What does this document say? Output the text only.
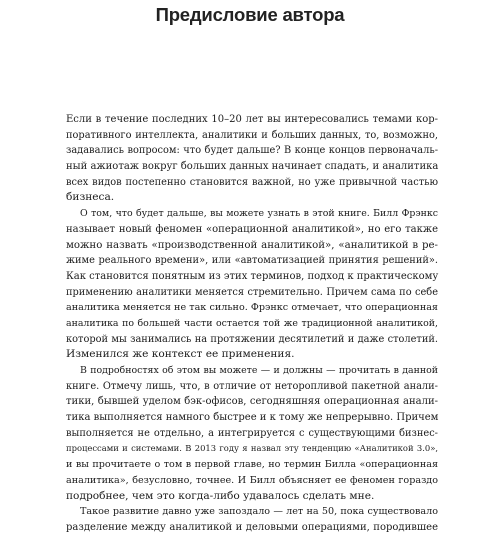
Предисловие автора
Если в течение последних 10–20 лет вы интересовались темами кор-
поративного интеллекта, аналитики и больших данных, то, возможно,
задавались вопросом: что будет дальше? В конце концов первоначаль-
ный ажиотаж вокруг больших данных начинает спадать, и аналитика
всех видов постепенно становится важной, но уже привычной частью
бизнеса.
О том, что будет дальше, вы можете узнать в этой книге. Билл Фрэнкс
называет новый феномен «операционной аналитикой», но его также
можно назвать «производственной аналитикой», «аналитикой в ре-
жиме реального времени», или «автоматизацией принятия решений».
Как становится понятным из этих терминов, подход к практическому
применению аналитики меняется стремительно. Причем сама по себе
аналитика меняется не так сильно. Фрэнкс отмечает, что операционная
аналитика по большей части остается той же традиционной аналитикой,
которой мы занимались на протяжении десятилетий и даже столетий.
Изменился же контекст ее применения.
В подробностях об этом вы можете — и должны — прочитать в данной
книге. Отмечу лишь, что, в отличие от неторопливой пакетной анали-
тики, бывшей уделом бэк-офисов, сегодняшняя операционная анали-
тика выполняется намного быстрее и к тому же непрерывно. Причем
выполняется не отдельно, а интегрируется с существующими бизнес-
процессами и системами. В 2013 году я назвал эту тенденцию «Аналитикой 3.0»,
и вы прочитаете о том в первой главе, но термин Билла «операционная
аналитика», безусловно, точнее. И Билл объясняет ее феномен гораздо
подробнее, чем это когда-либо удавалось сделать мне.
Такое развитие давно уже запоздало — лет на 50, пока существовало
разделение между аналитикой и деловыми операциями, породившее
